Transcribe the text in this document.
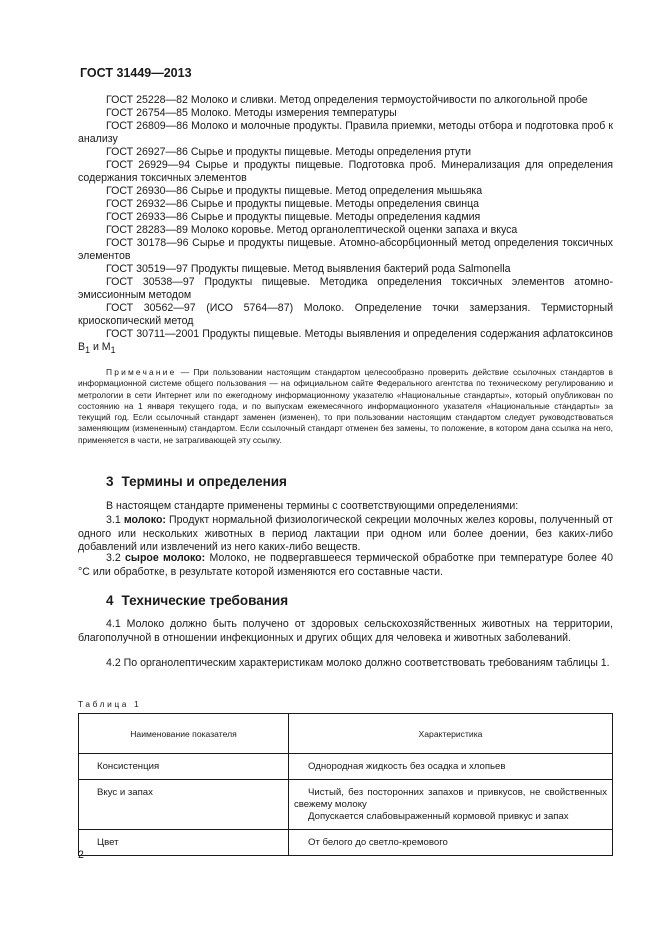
ГОСТ 31449—2013
ГОСТ 25228—82 Молоко и сливки. Метод определения термоустойчивости по алкогольной пробе
ГОСТ 26754—85 Молоко. Методы измерения температуры
ГОСТ 26809—86 Молоко и молочные продукты. Правила приемки, методы отбора и подготовка проб к анализу
ГОСТ 26927—86 Сырье и продукты пищевые. Методы определения ртути
ГОСТ 26929—94 Сырье и продукты пищевые. Подготовка проб. Минерализация для определения содержания токсичных элементов
ГОСТ 26930—86 Сырье и продукты пищевые. Метод определения мышьяка
ГОСТ 26932—86 Сырье и продукты пищевые. Методы определения свинца
ГОСТ 26933—86 Сырье и продукты пищевые. Методы определения кадмия
ГОСТ 28283—89 Молоко коровье. Метод органолептической оценки запаха и вкуса
ГОСТ 30178—96 Сырье и продукты пищевые. Атомно-абсорбционный метод определения токсичных элементов
ГОСТ 30519—97 Продукты пищевые. Метод выявления бактерий рода Salmonella
ГОСТ 30538—97 Продукты пищевые. Методика определения токсичных элементов атомно-эмиссионным методом
ГОСТ 30562—97 (ИСО 5764—87) Молоко. Определение точки замерзания. Термисторный криоскопический метод
ГОСТ 30711—2001 Продукты пищевые. Методы выявления и определения содержания афлатоксинов $B_1$ и $M_1$
Примечание — При пользовании настоящим стандартом целесообразно проверить действие ссылочных стандартов в информационной системе общего пользования — на официальном сайте Федерального агентства по техническому регулированию и метрологии в сети Интернет или по ежегодному информационному указателю «Национальные стандарты», который опубликован по состоянию на 1 января текущего года, и по выпускам ежемесячного информационного указателя «Национальные стандарты» за текущий год. Если ссылочный стандарт заменен (изменен), то при пользовании настоящим стандартом следует руководствоваться заменяющим (измененным) стандартом. Если ссылочный стандарт отменен без замены, то положение, в котором дана ссылка на него, применяется в части, не затрагивающей эту ссылку.
3 Термины и определения
В настоящем стандарте применены термины с соответствующими определениями:
3.1 молоко: Продукт нормальной физиологической секреции молочных желез коровы, полученный от одного или нескольких животных в период лактации при одном или более доении, без каких-либо добавлений или извлечений из него каких-либо веществ.
3.2 сырое молоко: Молоко, не подвергавшееся термической обработке при температуре более 40 °С или обработке, в результате которой изменяются его составные части.
4 Технические требования
4.1 Молоко должно быть получено от здоровых сельскохозяйственных животных на территории, благополучной в отношении инфекционных и других общих для человека и животных заболеваний.
4.2 По органолептическим характеристикам молоко должно соответствовать требованиям таблицы 1.
Таблица 1
Наименование показателя	Характеристика
Консистенция	Однородная жидкость без осадка и хлопьев

Вкус и запах	Чистый, без посторонних запахов и привкусов, не свойственных свежему молоку
Допускается слабовыраженный кормовой привкус и запах

Цвет	От белого до светло-кремового
2
